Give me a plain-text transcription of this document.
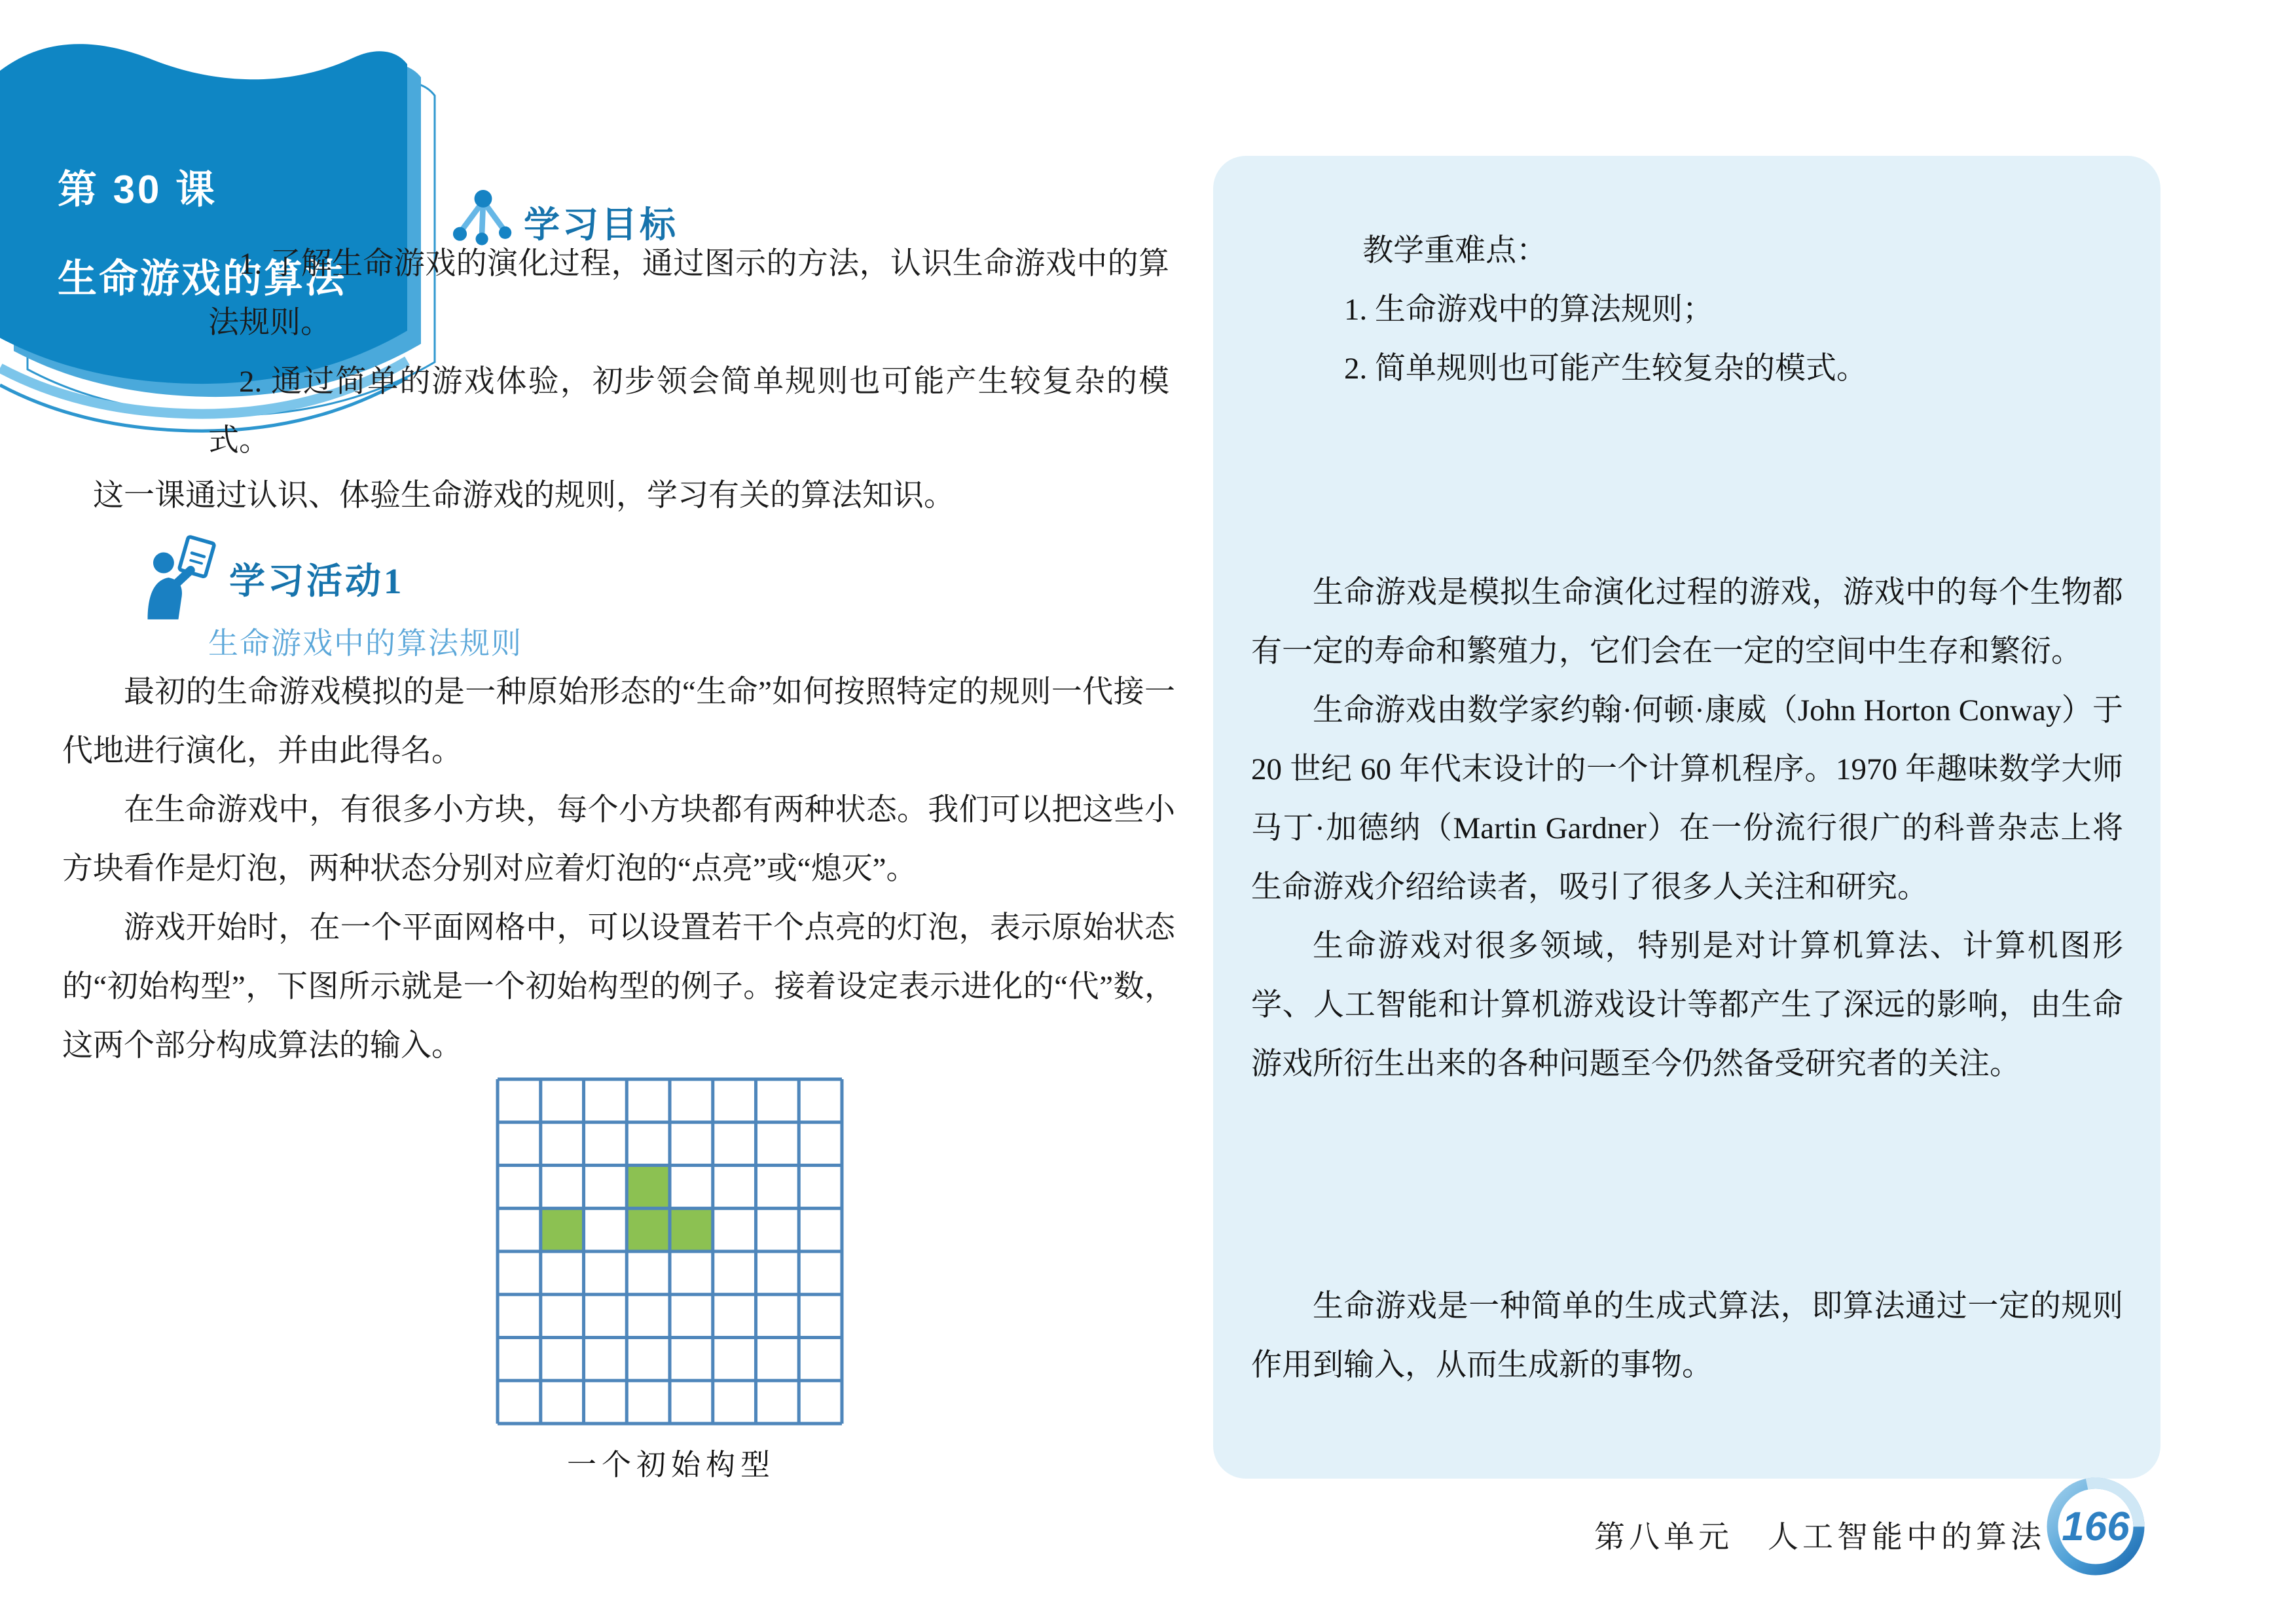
第 30 课
生命游戏的算法
学习目标

1. 了解生命游戏的演化过程，通过图示的方法，认识生命游戏中的算法规则。

2. 通过简单的游戏体验，初步领会简单规则也可能产生较复杂的模式。

这一课通过认识、体验生命游戏的规则，学习有关的算法知识。

学习活动1
生命游戏中的算法规则

最初的生命游戏模拟的是一种原始形态的“生命”如何按照特定的规则一代接一代地进行演化，并由此得名。

在生命游戏中，有很多小方块，每个小方块都有两种状态。我们可以把这些小方块看作是灯泡，两种状态分别对应着灯泡的“点亮”或“熄灭”。

游戏开始时，在一个平面网格中，可以设置若干个点亮的灯泡，表示原始状态的“初始构型”，下图所示就是一个初始构型的例子。接着设定表示进化的“代”数，这两个部分构成算法的输入。

一个初始构型
教学重难点：
1. 生命游戏中的算法规则；
2. 简单规则也可能产生较复杂的模式。

生命游戏是模拟生命演化过程的游戏，游戏中的每个生物都有一定的寿命和繁殖力，它们会在一定的空间中生存和繁衍。

生命游戏由数学家约翰·何顿·康威（John Horton Conway）于 20 世纪 60 年代末设计的一个计算机程序。1970 年趣味数学大师马丁·加德纳（Martin Gardner）在一份流行很广的科普杂志上将生命游戏介绍给读者，吸引了很多人关注和研究。

生命游戏对很多领域，特别是对计算机算法、计算机图形学、人工智能和计算机游戏设计等都产生了深远的影响，由生命游戏所衍生出来的各种问题至今仍然备受研究者的关注。

生命游戏是一种简单的生成式算法，即算法通过一定的规则作用到输入，从而生成新的事物。

第八单元　人工智能中的算法 166
